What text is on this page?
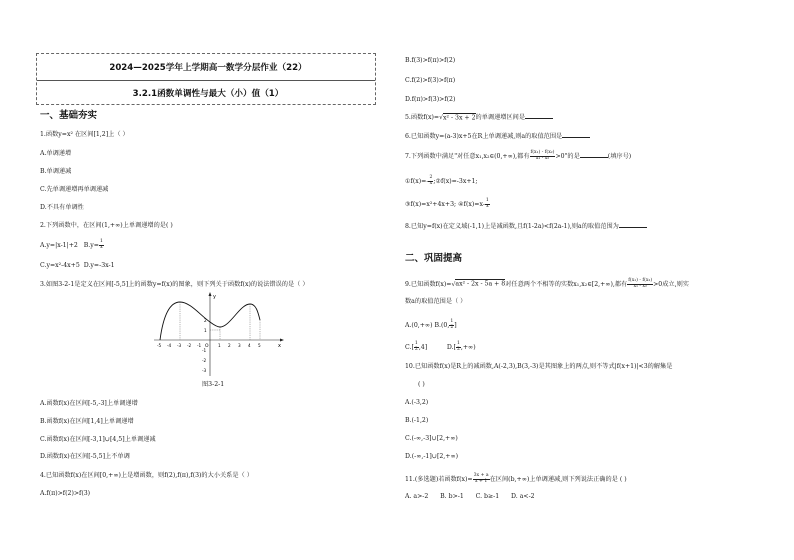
2024—2025学年上学期高一数学分层作业（22）
3.2.1函数单调性与最大（小）值（1）
一、基础夯实
1.函数y=x² 在区间[1,2]上（ ）
A.单调递增
B.单调递减
C.先单调递增再单调递减
D.不具有单调性
2.下列函数中，在区间(1,+∞)上单调递增的是( )
A.y=|x-1|+2 $B.y= \frac{1}{x}$
C.y=x²-4x+5 D.y=-3x-1
3.如图3-2-1是定义在区间[-5,5]上的函数y=f(x)的图象，则下列关于函数f(x)的说法错误的是（ ）
y
x
O
-5 -4 -3 -2 -1	1 2 3 4 5
1
2
-1
-2
-3
图3-2-1
A.函数f(x)在区间[-5,-3]上单调递增
B.函数f(x)在区间[1,4]上单调递增
C.函数f(x)在区间[-3,1]∪[4,5]上单调递减
D.函数f(x)在区间[-5,5]上不单调
4.已知函数f(x)在区间[0,+∞)上是增函数，则f(2),f(π),f(3)的大小关系是（ ）
A.f(π)>f(2)>f(3)
B.f(3)>f(π)>f(2)
C.f(2)>f(3)>f(π)
D.f(π)>f(3)>f(2)
5.函数f(x)=√x² - 3x + 2的单调递增区间是
6.已知函数y=(a-3)x+5在R上单调递减,则a的取值范围是
7.下列函数中满足"对任意x₁,x₂∈(0,+∞),都有 $\frac{\text{f(x₁) - f(x₂)}}{\text{x₁ - x₂}} >0$"的是	(填序号)
①f(x)=- $\frac{2}{x}$ ;②f(x)=-3x+1;
③f(x)=x²+4x+3; ④f(x)=x- $\frac{1}{x}$
8.已知y=f(x)在定义域(-1,1)上是减函数,且f(1-2a)<f(2a-1),则a的取值范围为
二、巩固提高
9.已知函数f(x)=√ax² - 2x - 5a + 8对任意两个不相等的实数x₁,x₂∈[2,+∞),都有 $\frac{\text{f(x₁) - f(x₂)}}{\text{x₁ - x₂}} >0$成立,则实
数a的取值范围是（ ）
A.(0,+∞) B.(0, $\frac{1}{2}$ ]
$C.[ \frac{1}{2} ,4]$	$D.[ \frac{1}{2}$ ,+∞)
10.已知函数f(x)是R上的减函数,A(-2,3),B(3,-3)是其图象上的两点,则不等式|f(x+1)|<3的解集是
( )
A.(-3,2)
B.(-1,2)
C.(-∞,-3]∪[2,+∞)
D.(-∞,-1]∪[2,+∞)
11.(多选题)若函数$f(x)= \frac{3x + a}{x + 1}$ 在区间(b,+∞)上单调递减,则下列说法正确的是 ( )
A. a>-2 B. b>-1 C. b≥-1 D. a<-2
